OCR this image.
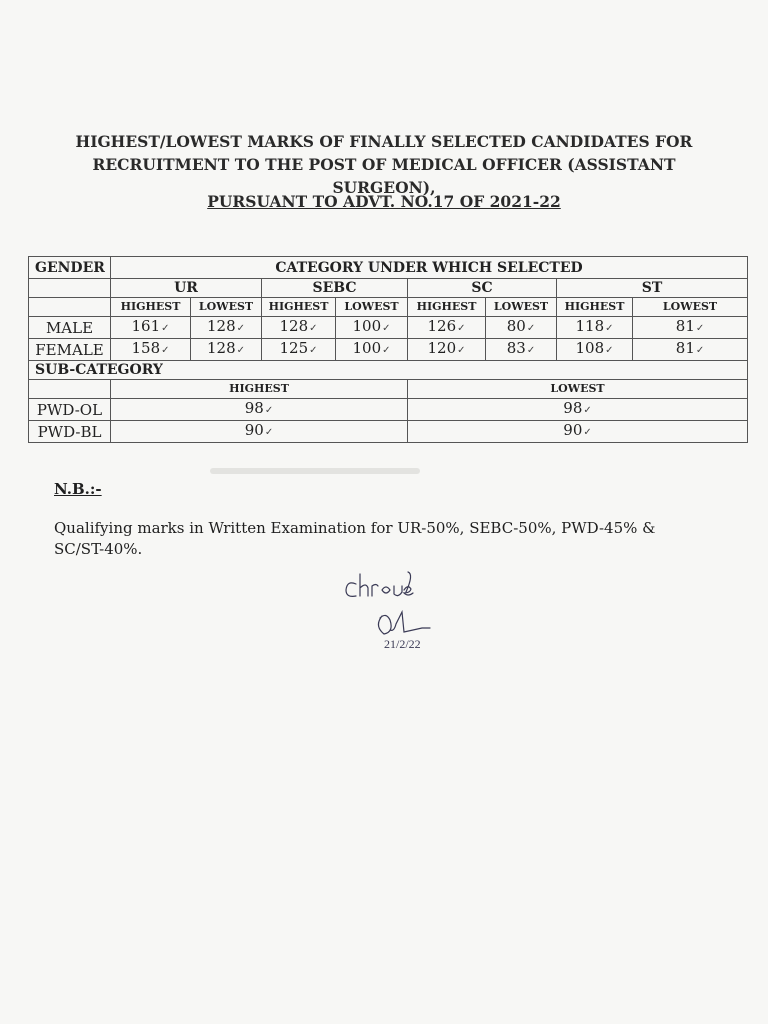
HIGHEST/LOWEST MARKS OF FINALLY SELECTED CANDIDATES FOR
RECRUITMENT TO THE POST OF MEDICAL OFFICER (ASSISTANT SURGEON),
PURSUANT TO ADVT. NO.17 OF 2021-22
GENDER	CATEGORY UNDER WHICH SELECTED							
	UR		SEBC		SC		ST	
	HIGHEST	LOWEST	HIGHEST	LOWEST	HIGHEST	LOWEST	HIGHEST	LOWEST
MALE	161✓	128✓	128✓	100✓	126✓	80✓	118✓	81✓
FEMALE	158✓	128✓	125✓	100✓	120✓	83✓	108✓	81✓
SUB-CATEGORY								
	HIGHEST				LOWEST			
PWD-OL	98✓				98✓			
PWD-BL	90✓				90✓			
N.B.:-
Qualifying marks in Written Examination for UR-50%, SEBC-50%, PWD-45% & SC/ST-40%.
21/2/22
